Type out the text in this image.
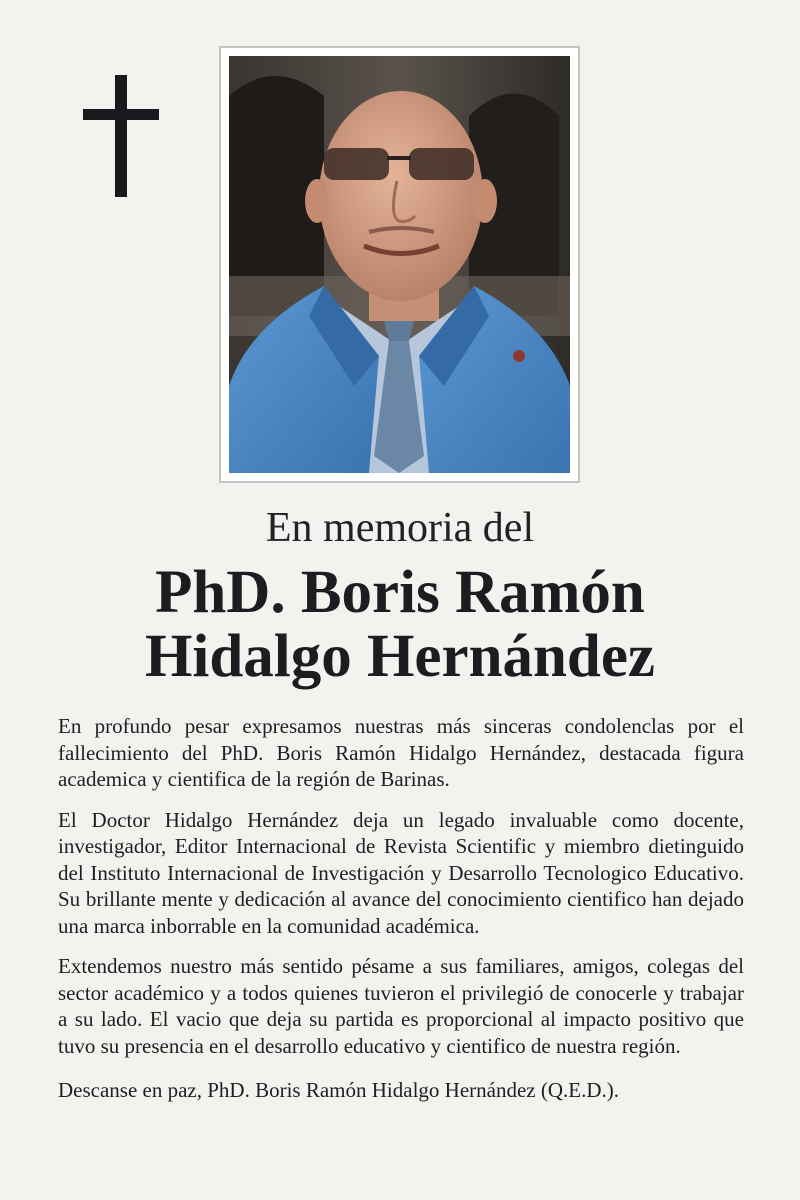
En memoria del
PhD. Boris Ramón
Hidalgo Hernández

En profundo pesar expresamos nuestras más sinceras condolenclas por el fallecimiento del PhD. Boris Ramón Hidalgo Hernández, destacada figura academica y cientifica de la región de Barinas.

El Doctor Hidalgo Hernández deja un legado invaluable como docente, investigador, Editor Internacional de Revista Scientific y miembro dietinguido del Instituto Internacional de Investigación y Desarrollo Tecnologico Educativo. Su brillante mente y dedicación al avance del conocimiento cientifico han dejado una marca inborrable en la comunidad académica.

Extendemos nuestro más sentido pésame a sus familiares, amigos, colegas del sector académico y a todos quienes tuvieron el privilegió de conocerle y trabajar a su lado. El vacio que deja su partida es proporcional al impacto positivo que tuvo su presencia en el desarrollo educativo y cientifico de nuestra región.

Descanse en paz, PhD. Boris Ramón Hidalgo Hernández (Q.E.D.).
